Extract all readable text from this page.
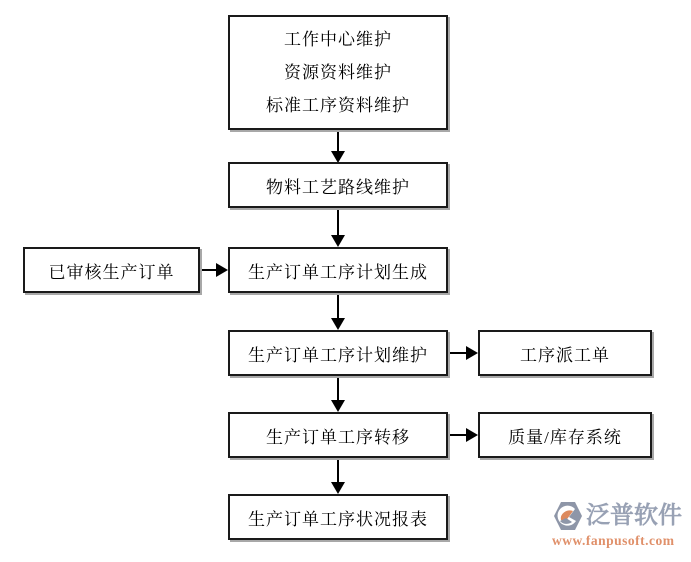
工作中心维护
资源资料维护
标准工序资料维护
物料工艺路线维护
已审核生产订单	生产订单工序计划生成
生产订单工序计划维护	工序派工单
生产订单工序转移	质量/库存系统
生产订单工序状况报表	泛普软件
www.fanpusoft.com
